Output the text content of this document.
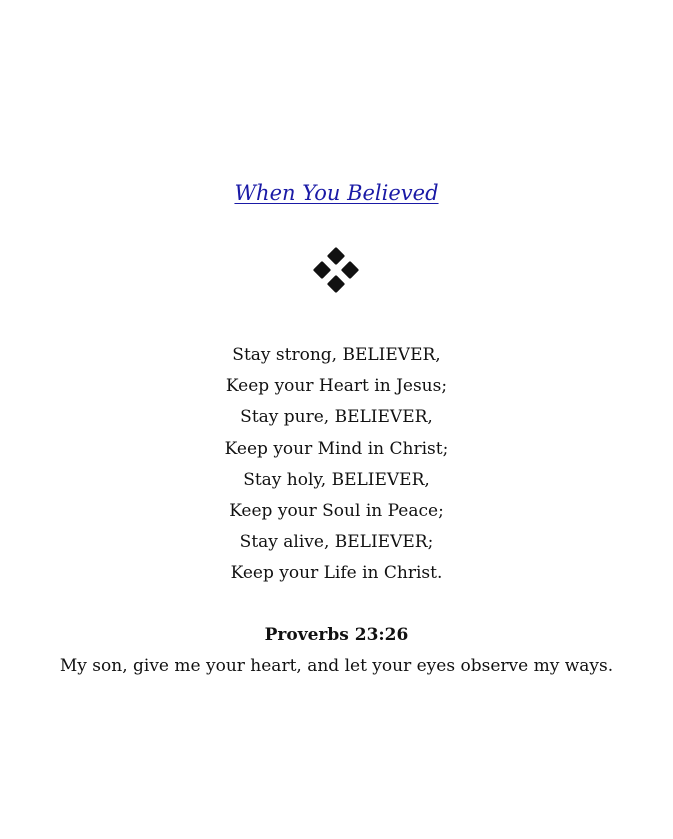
When You Believed
Stay strong, BELIEVER,
Keep your Heart in Jesus;
Stay pure, BELIEVER,
Keep your Mind in Christ;
Stay holy, BELIEVER,
Keep your Soul in Peace;
Stay alive, BELIEVER;
Keep your Life in Christ.
Proverbs 23:26
My son, give me your heart, and let your eyes observe my ways.
